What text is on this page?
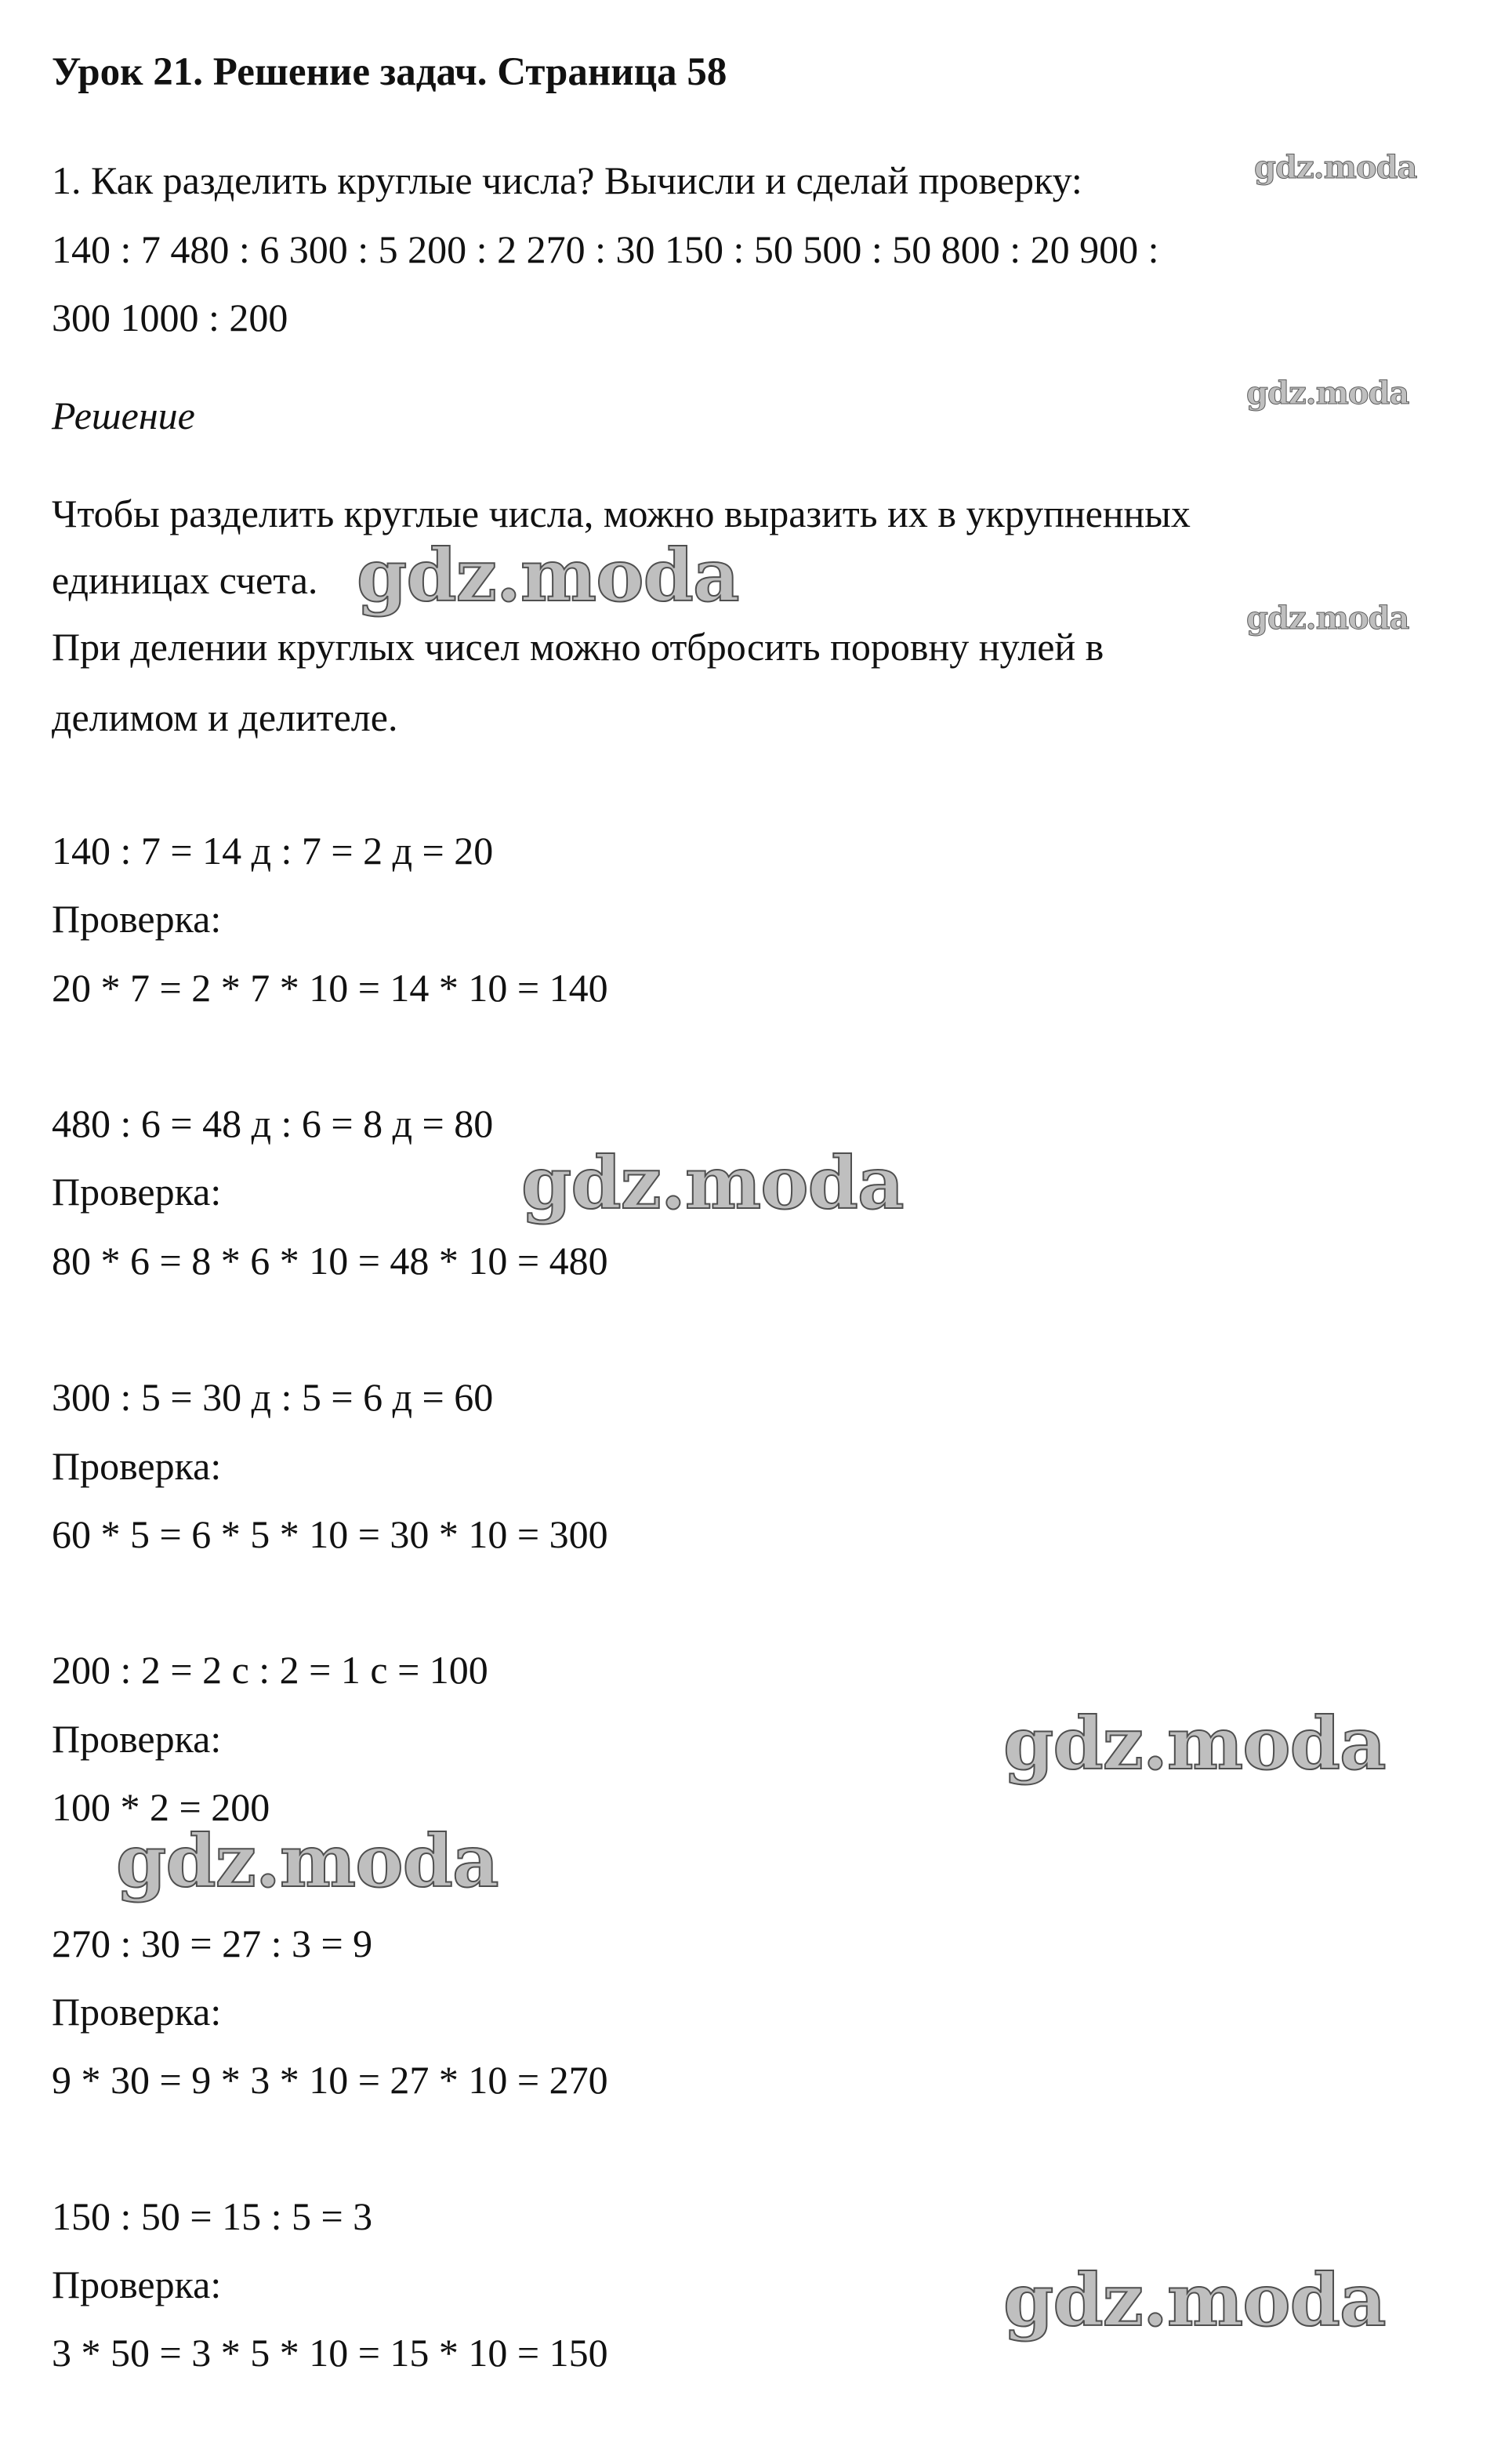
Урок 21. Решение задач. Страница 58
1. Как разделить круглые числа? Вычисли и сделай проверку:
140 : 7 480 : 6 300 : 5 200 : 2 270 : 30 150 : 50 500 : 50 800 : 20 900 :
300 1000 : 200
Решение
Чтобы разделить круглые числа, можно выразить их в укрупненных
единицах счета.
При делении круглых чисел можно отбросить поровну нулей в
делимом и делителе.
140 : 7 = 14 д : 7 = 2 д = 20
Проверка:
20 * 7 = 2 * 7 * 10 = 14 * 10 = 140
480 : 6 = 48 д : 6 = 8 д = 80
Проверка:
80 * 6 = 8 * 6 * 10 = 48 * 10 = 480
300 : 5 = 30 д : 5 = 6 д = 60
Проверка:
60 * 5 = 6 * 5 * 10 = 30 * 10 = 300
200 : 2 = 2 с : 2 = 1 с = 100
Проверка:
100 * 2 = 200
270 : 30 = 27 : 3 = 9
Проверка:
9 * 30 = 9 * 3 * 10 = 27 * 10 = 270
150 : 50 = 15 : 5 = 3
Проверка:
3 * 50 = 3 * 5 * 10 = 15 * 10 = 150
gdz.moda
gdz.moda
gdz.moda
gdz.moda
gdz.moda
gdz.moda
gdz.moda
gdz.moda
